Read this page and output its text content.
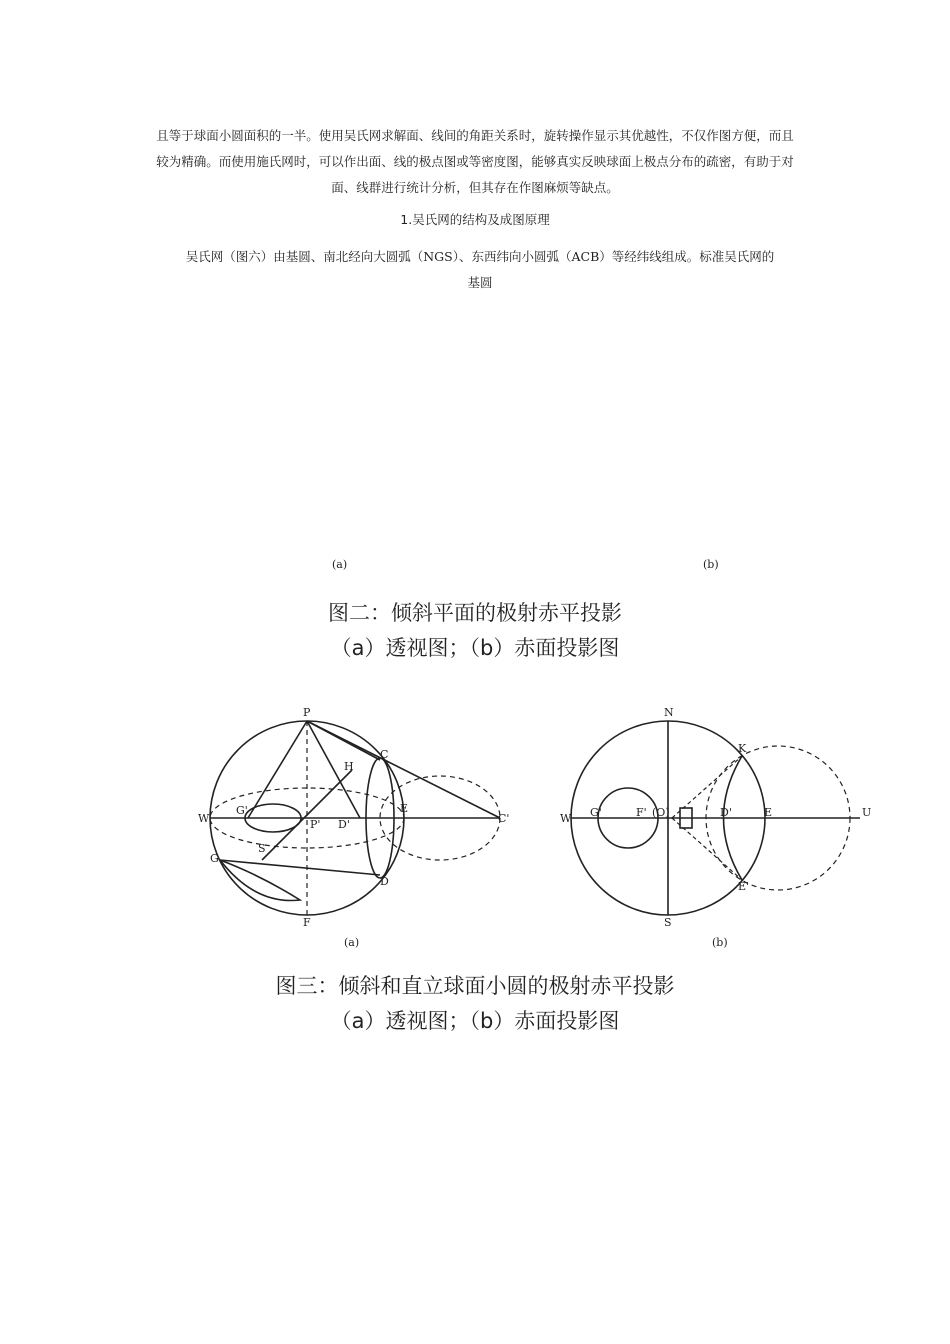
且等于球面小圆面积的一半。使用吴氏网求解面、线间的角距关系时，旋转操作显示其优越性，不仅作图方便，而且
较为精确。而使用施氏网时，可以作出面、线的极点图或等密度图，能够真实反映球面上极点分布的疏密，有助于对
面、线群进行统计分析，但其存在作图麻烦等缺点。
1.吴氏网的结构及成图原理
吴氏网（图六）由基圆、南北经向大圆弧（NGS）、东西纬向小圆弧（ACB）等经纬线组成。标准吴氏网的
基圆
(a)	(b)
图二：倾斜平面的极射赤平投影
（a）透视图；（b）赤面投影图
P
C
H
W
G'
P' D'
E
C'
S
G
D
F
N
K
W G'	F' (O)	D'	E	U
E'
S
(a)	(b)
图三：倾斜和直立球面小圆的极射赤平投影
（a）透视图；（b）赤面投影图
